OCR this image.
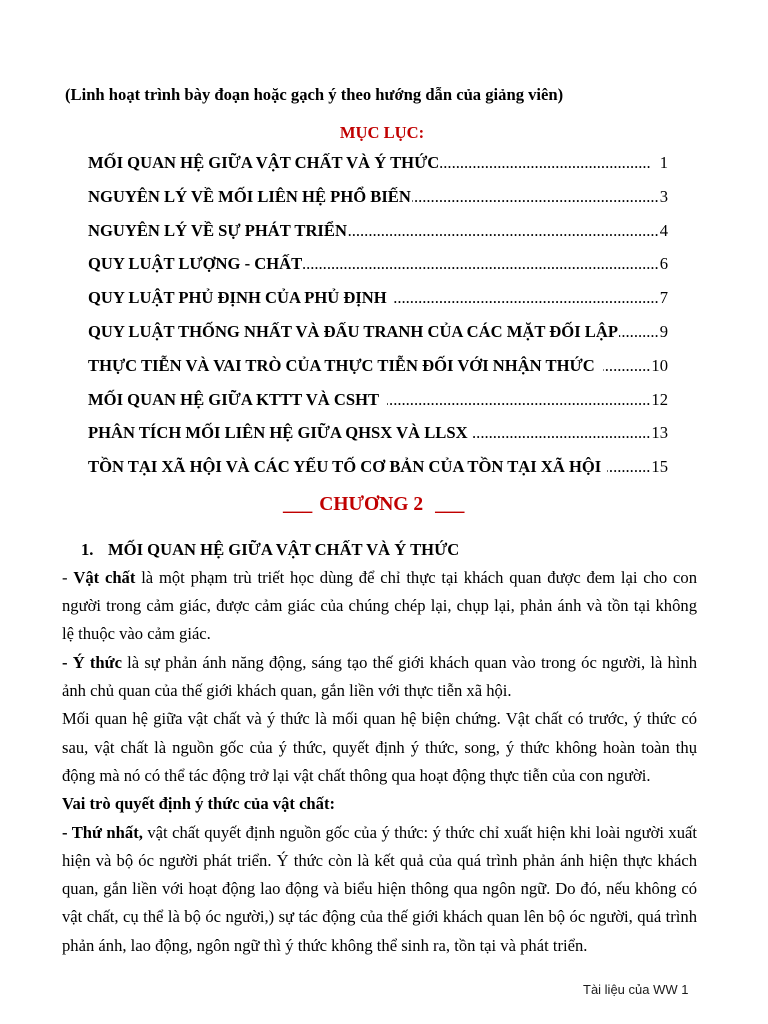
(Linh hoạt trình bày đoạn hoặc gạch ý theo hướng dẫn của giảng viên)
MỤC LỤC:
MỐI QUAN HỆ GIỮA VẬT CHẤT VÀ Ý THỨC .....	1
NGUYÊN LÝ VỀ MỐI LIÊN HỆ PHỔ BIẾN .....	3
NGUYÊN LÝ VỀ SỰ PHÁT TRIỂN .....	4
QUY LUẬT LƯỢNG - CHẤT .....	6
QUY LUẬT PHỦ ĐỊNH CỦA PHỦ ĐỊNH .....	7
QUY LUẬT THỐNG NHẤT VÀ ĐẤU TRANH CỦA CÁC MẶT ĐỐI LẬP .....	9
THỰC TIỄN VÀ VAI TRÒ CỦA THỰC TIỄN ĐỐI VỚI NHẬN THỨC .....	10
MỐI QUAN HỆ GIỮA KTTT VÀ CSHT .....	12
PHÂN TÍCH MỐI LIÊN HỆ GIỮA QHSX VÀ LLSX .....	13
TỒN TẠI XÃ HỘI VÀ CÁC YẾU TỐ CƠ BẢN CỦA TỒN TẠI XÃ HỘI .....	15
___ CHƯƠNG 2 ___
1. MỐI QUAN HỆ GIỮA VẬT CHẤT VÀ Ý THỨC
- Vật chất là một phạm trù triết học dùng để chỉ thực tại khách quan được đem lại cho con
người trong cảm giác, được cảm giác của chúng chép lại, chụp lại, phản ánh và tồn tại không
lệ thuộc vào cảm giác.
- Ý thức là sự phản ánh năng động, sáng tạo thế giới khách quan vào trong óc người, là hình
ảnh chủ quan của thế giới khách quan, gắn liền với thực tiễn xã hội.
Mối quan hệ giữa vật chất và ý thức là mối quan hệ biện chứng. Vật chất có trước, ý thức có
sau, vật chất là nguồn gốc của ý thức, quyết định ý thức, song, ý thức không hoàn toàn thụ
động mà nó có thể tác động trở lại vật chất thông qua hoạt động thực tiễn của con người.
Vai trò quyết định ý thức của vật chất:
- Thứ nhất, vật chất quyết định nguồn gốc của ý thức: ý thức chỉ xuất hiện khi loài người xuất
hiện và bộ óc người phát triển. Ý thức còn là kết quả của quá trình phản ánh hiện thực khách
quan, gắn liền với hoạt động lao động và biểu hiện thông qua ngôn ngữ. Do đó, nếu không có
vật chất, cụ thể là bộ óc người,) sự tác động của thế giới khách quan lên bộ óc người, quá trình
phản ánh, lao động, ngôn ngữ thì ý thức không thể sinh ra, tồn tại và phát triển.
Tài liệu của WW 1
